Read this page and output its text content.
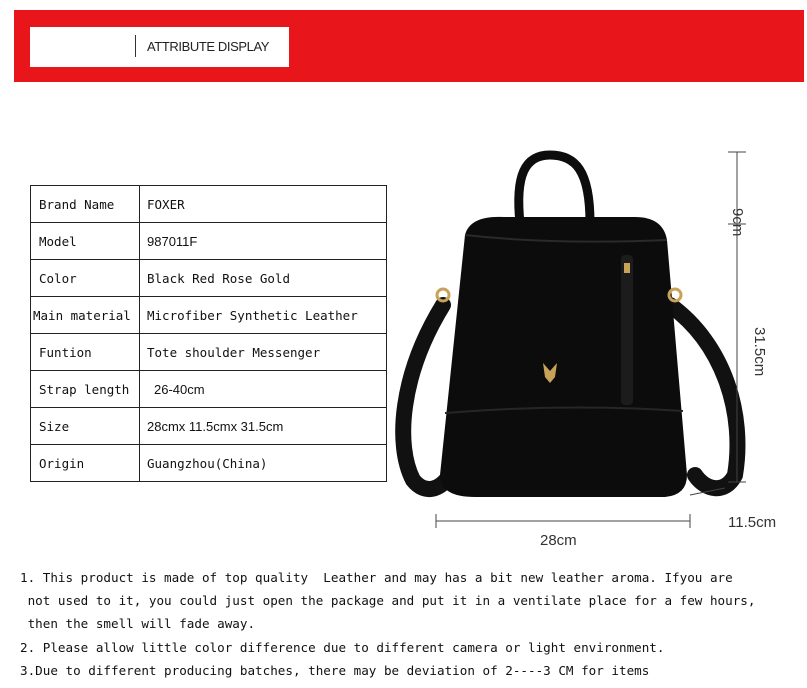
ATTRIBUTE DISPLAY
Brand Name	FOXER
Model	987011F
Color	Black Red Rose Gold
Main material	Microfiber Synthetic Leather
Funtion	Tote shoulder Messenger
Strap length	26-40cm
Size	28cmx 11.5cmx 31.5cm
Origin	Guangzhou(China)
9cm
31.5cm
28cm
11.5cm

1. This product is made of top quality  Leather and may has a bit new leather aroma. Ifyou are

not used to it, you could just open the package and put it in a ventilate place for a few hours,

then the smell will fade away.

2. Please allow little color difference due to different camera or light environment.

3.Due to different producing batches, there may be deviation of 2----3 CM for items
